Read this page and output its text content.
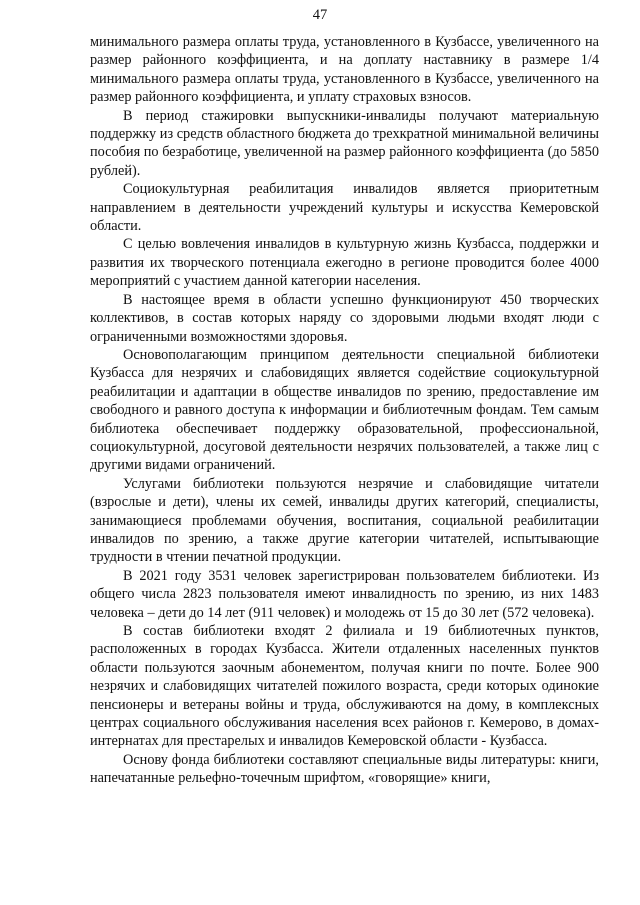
47

минимального размера оплаты труда, установленного в Кузбассе, увеличенного на размер районного коэффициента, и на доплату наставнику в размере 1/4 минимального размера оплаты труда, установленного в Кузбассе, увеличенного на размер районного коэффициента, и уплату страховых взносов.

В период стажировки выпускники-инвалиды получают материальную поддержку из средств областного бюджета до трехкратной минимальной величины пособия по безработице, увеличенной на размер районного коэффициента (до 5850 рублей).

Социокультурная реабилитация инвалидов является приоритетным направлением в деятельности учреждений культуры и искусства Кемеровской области.

С целью вовлечения инвалидов в культурную жизнь Кузбасса, поддержки и развития их творческого потенциала ежегодно в регионе проводится более 4000 мероприятий с участием данной категории населения.

В настоящее время в области успешно функционируют 450 творческих коллективов, в состав которых наряду со здоровыми людьми входят люди с ограниченными возможностями здоровья.

Основополагающим принципом деятельности специальной библиотеки Кузбасса для незрячих и слабовидящих является содействие социокультурной реабилитации и адаптации в обществе инвалидов по зрению, предоставление им свободного и равного доступа к информации и библиотечным фондам. Тем самым библиотека обеспечивает поддержку образовательной, профессиональной, социокультурной, досуговой деятельности незрячих пользователей, а также лиц с другими видами ограничений.

Услугами библиотеки пользуются незрячие и слабовидящие читатели (взрослые и дети), члены их семей, инвалиды других категорий, специалисты, занимающиеся проблемами обучения, воспитания, социальной реабилитации инвалидов по зрению, а также другие категории читателей, испытывающие трудности в чтении печатной продукции.

В 2021 году 3531 человек зарегистрирован пользователем библиотеки. Из общего числа 2823 пользователя имеют инвалидность по зрению, из них 1483 человека – дети до 14 лет (911 человек) и молодежь от 15 до 30 лет (572 человека).

В состав библиотеки входят 2 филиала и 19 библиотечных пунктов, расположенных в городах Кузбасса. Жители отдаленных населенных пунктов области пользуются заочным абонементом, получая книги по почте. Более 900 незрячих и слабовидящих читателей пожилого возраста, среди которых одинокие пенсионеры и ветераны войны и труда, обслуживаются на дому, в комплексных центрах социального обслуживания населения всех районов г. Кемерово, в домах-интернатах для престарелых и инвалидов Кемеровской области - Кузбасса.

Основу фонда библиотеки составляют специальные виды литературы: книги, напечатанные рельефно-точечным шрифтом, «говорящие» книги,
